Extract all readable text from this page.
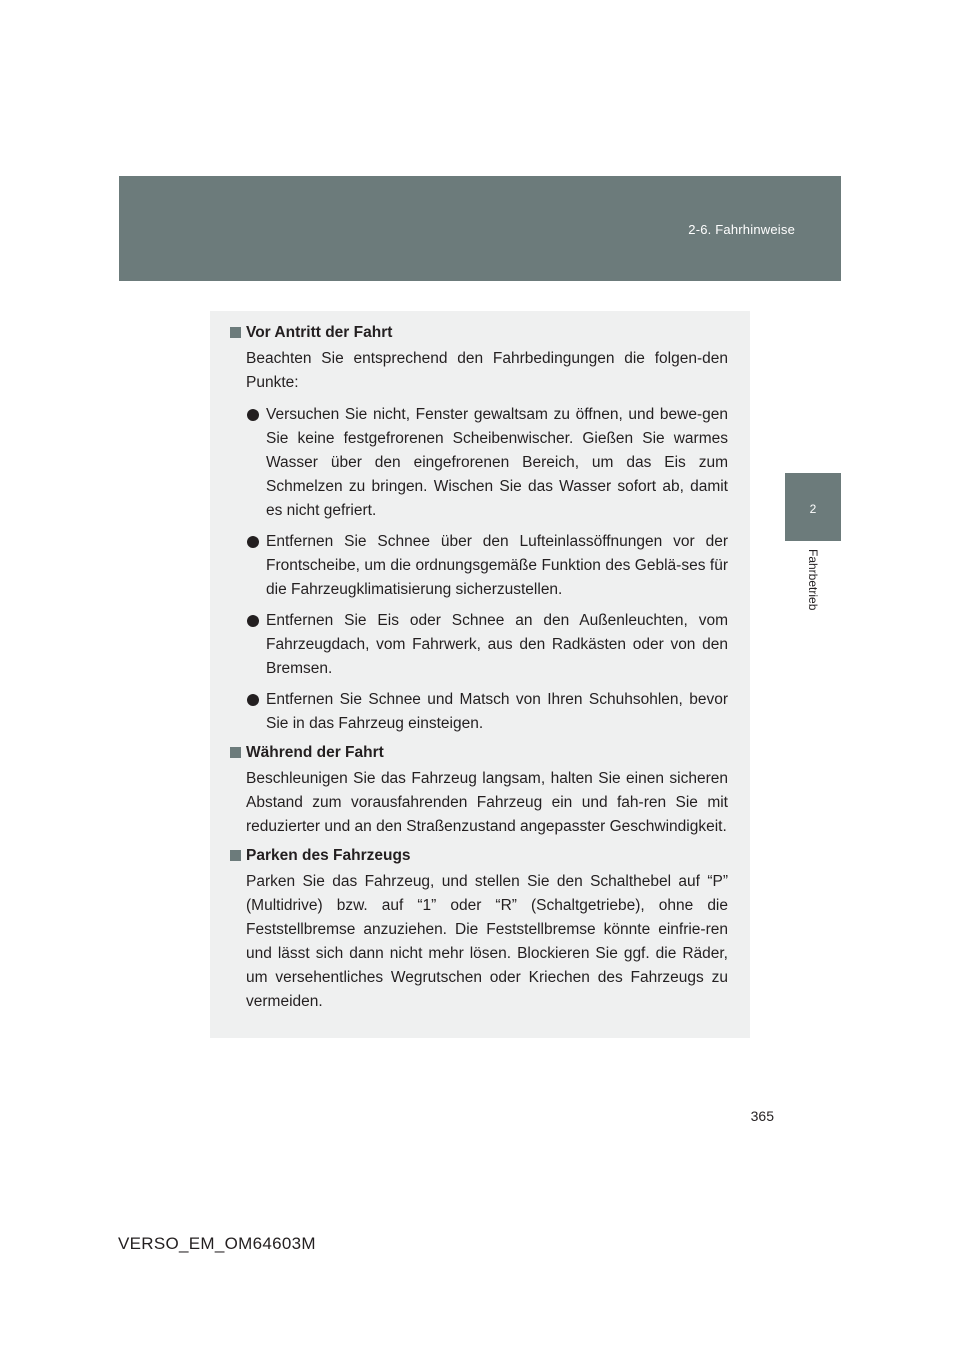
2-6. Fahrhinweise
2
Fahrbetrieb
Vor Antritt der Fahrt

Beachten Sie entsprechend den Fahrbedingungen die folgen-den Punkte:

Versuchen Sie nicht, Fenster gewaltsam zu öffnen, und bewe-gen Sie keine festgefrorenen Scheibenwischer. Gießen Sie warmes Wasser über den eingefrorenen Bereich, um das Eis zum Schmelzen zu bringen. Wischen Sie das Wasser sofort ab, damit es nicht gefriert.
Entfernen Sie Schnee über den Lufteinlassöffnungen vor der Frontscheibe, um die ordnungsgemäße Funktion des Geblä-ses für die Fahrzeugklimatisierung sicherzustellen.
Entfernen Sie Eis oder Schnee an den Außenleuchten, vom Fahrzeugdach, vom Fahrwerk, aus den Radkästen oder von den Bremsen.
Entfernen Sie Schnee und Matsch von Ihren Schuhsohlen, bevor Sie in das Fahrzeug einsteigen.
Während der Fahrt

Beschleunigen Sie das Fahrzeug langsam, halten Sie einen sicheren Abstand zum vorausfahrenden Fahrzeug ein und fah-ren Sie mit reduzierter und an den Straßenzustand angepasster Geschwindigkeit.

Parken des Fahrzeugs

Parken Sie das Fahrzeug, und stellen Sie den Schalthebel auf “P” (Multidrive) bzw. auf “1” oder “R” (Schaltgetriebe), ohne die Feststellbremse anzuziehen. Die Feststellbremse könnte einfrie-ren und lässt sich dann nicht mehr lösen. Blockieren Sie ggf. die Räder, um versehentliches Wegrutschen oder Kriechen des Fahrzeugs zu vermeiden.

365
VERSO_EM_OM64603M
